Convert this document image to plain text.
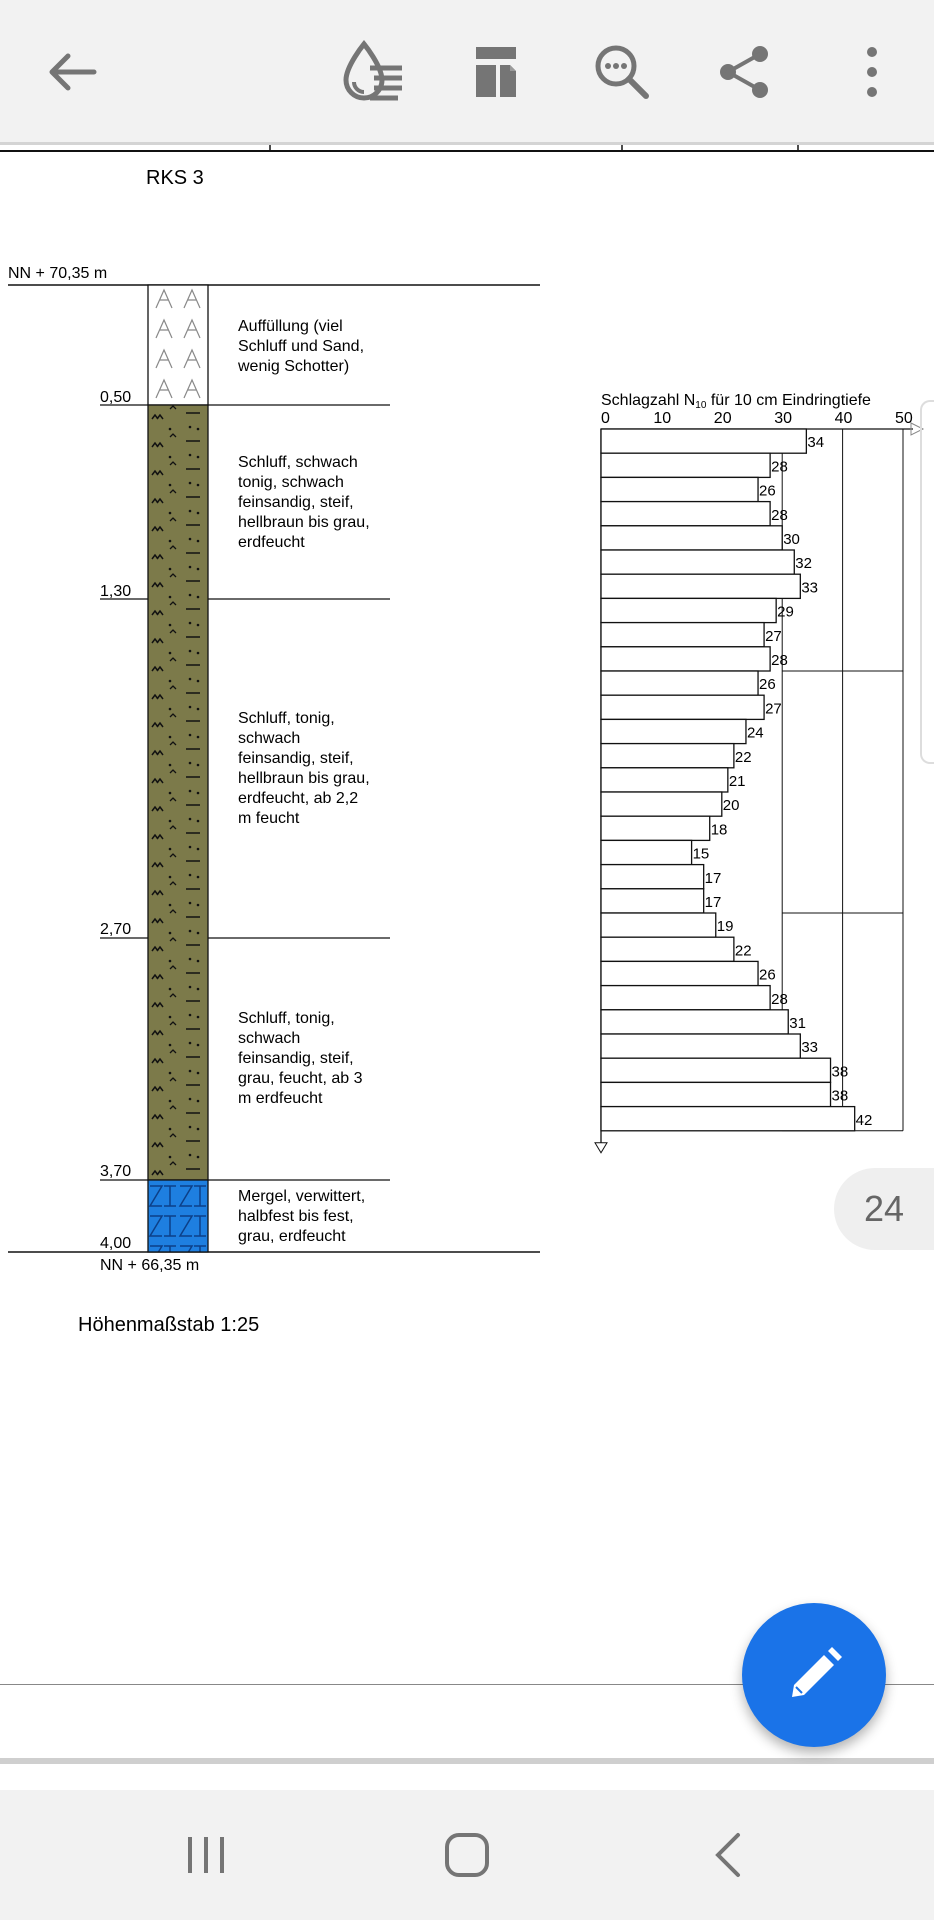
RKS 3
NN + 70,35 m
0,50
1,30
2,70
3,70
4,00
NN + 66,35 m
Auffüllung (viel
Schluff und Sand,
wenig Schotter)
Schluff, schwach
tonig, schwach
feinsandig, steif,
hellbraun bis grau,
erdfeucht
Schluff, tonig,
schwach
feinsandig, steif,
hellbraun bis grau,
erdfeucht, ab 2,2
m feucht
Schluff, tonig,
schwach
feinsandig, steif,
grau, feucht, ab 3
m erdfeucht
Mergel, verwittert,
halbfest bis fest,
grau, erdfeucht
Höhenmaßstab 1:25
Schlagzahl N10 für 10 cm Eindringtiefe
0	10	20	30	40	50
34
28
26
28
30
32
33
29
27
28
26
27
24
22
21
20
18
15
17
17
19
22
26
28
31
33
38
38
42
24
